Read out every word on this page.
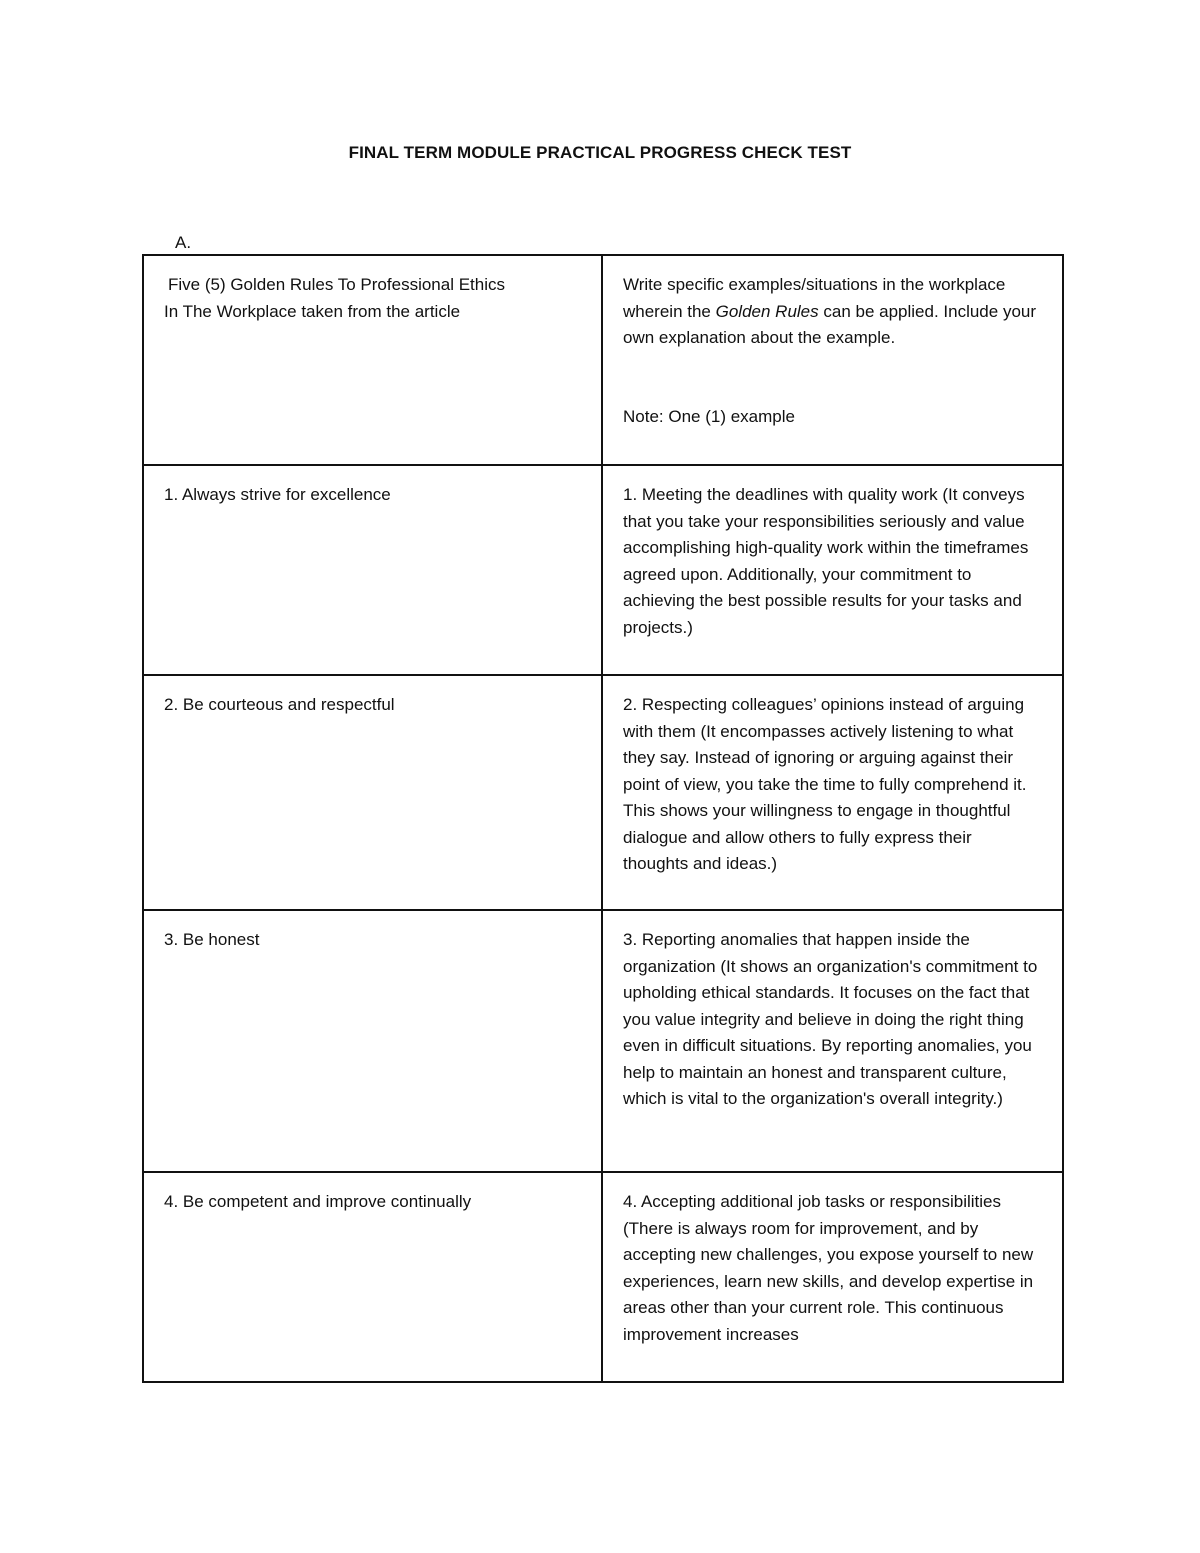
FINAL TERM MODULE PRACTICAL PROGRESS CHECK TEST
A.
Five (5) Golden Rules To Professional Ethics
In The Workplace taken from the article	Write specific examples/situations in the workplace wherein the Golden Rules can be applied. Include your own explanation about the example.
Note: One (1) example

1. Always strive for excellence	1. Meeting the deadlines with quality work (It conveys that you take your responsibilities seriously and value accomplishing high-quality work within the timeframes agreed upon. Additionally, your commitment to achieving the best possible results for your tasks and projects.)
2. Be courteous and respectful	2. Respecting colleagues’ opinions instead of arguing with them (It encompasses actively listening to what they say. Instead of ignoring or arguing against their point of view, you take the time to fully comprehend it. This shows your willingness to engage in thoughtful dialogue and allow others to fully express their thoughts and ideas.)
3. Be honest	3. Reporting anomalies that happen inside the organization (It shows an organization's commitment to upholding ethical standards. It focuses on the fact that you value integrity and believe in doing the right thing even in difficult situations. By reporting anomalies, you help to maintain an honest and transparent culture, which is vital to the organization's overall integrity.)
4. Be competent and improve continually	4. Accepting additional job tasks or responsibilities (There is always room for improvement, and by accepting new challenges, you expose yourself to new experiences, learn new skills, and develop expertise in areas other than your current role. This continuous improvement increases
